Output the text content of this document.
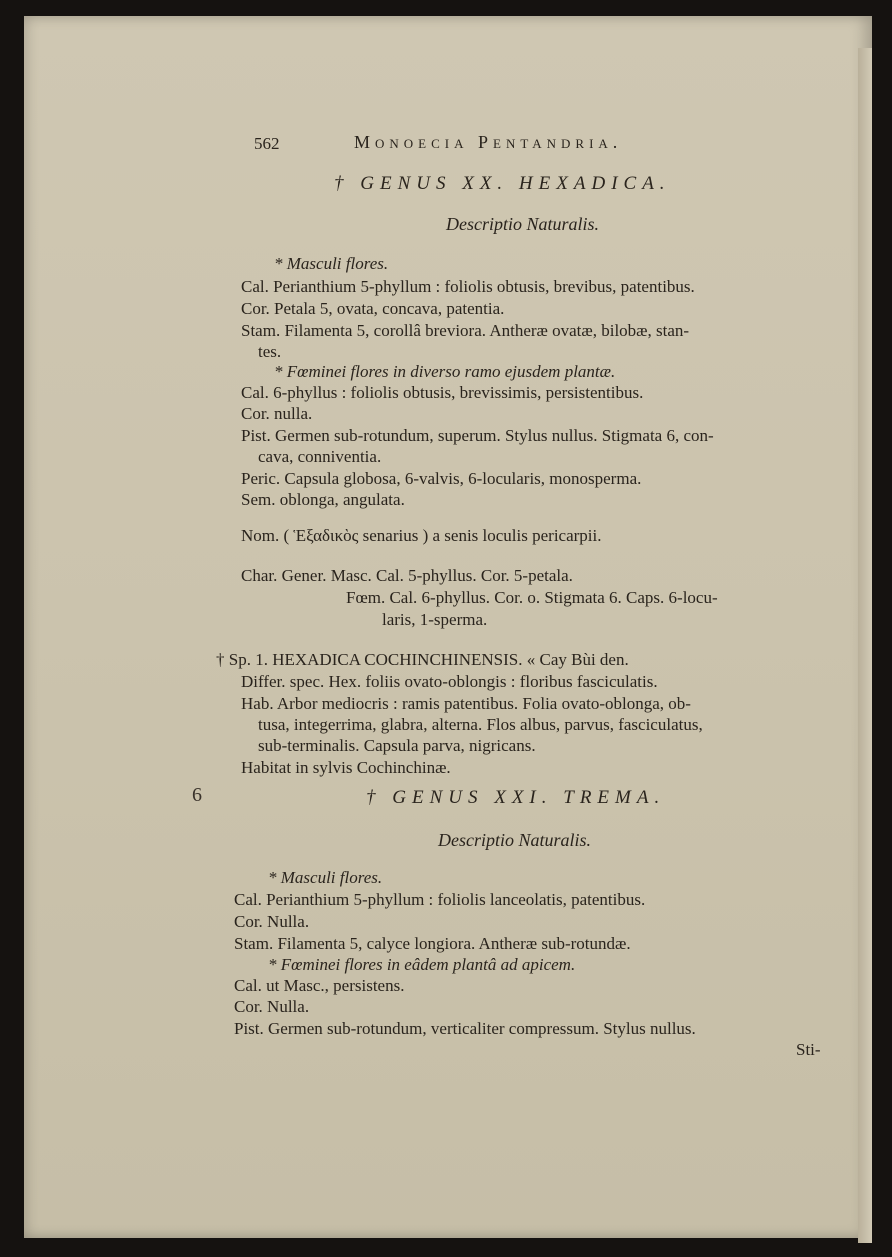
562	Monoecia Pentandria.
† GENUS XX. HEXADICA.
Descriptio Naturalis.
* Masculi flores.
Cal. Perianthium 5-phyllum : foliolis obtusis, brevibus, patentibus.
Cor. Petala 5, ovata, concava, patentia.
Stam. Filamenta 5, corollâ breviora. Antheræ ovatæ, bilobæ, stan-
tes.
* Fœminei flores in diverso ramo ejusdem plantæ.
Cal. 6-phyllus : foliolis obtusis, brevissimis, persistentibus.
Cor. nulla.
Pist. Germen sub-rotundum, superum. Stylus nullus. Stigmata 6, con-
cava, conniventia.
Peric. Capsula globosa, 6-valvis, 6-locularis, monosperma.
Sem. oblonga, angulata.
Nom. ( Ἑξαδικὸς senarius ) a senis loculis pericarpii.
Char. Gener. Masc. Cal. 5-phyllus. Cor. 5-petala.
Fœm. Cal. 6-phyllus. Cor. o. Stigmata 6. Caps. 6-locu-
laris, 1-sperma.
† Sp. 1. HEXADICA COCHINCHINENSIS. « Cay Bùi den.
Differ. spec. Hex. foliis ovato-oblongis : floribus fasciculatis.
Hab. Arbor mediocris : ramis patentibus. Folia ovato-oblonga, ob-
tusa, integerrima, glabra, alterna. Flos albus, parvus, fasciculatus,
sub-terminalis. Capsula parva, nigricans.
Habitat in sylvis Cochinchinæ.
6	† GENUS XXI. TREMA.
Descriptio Naturalis.
* Masculi flores.
Cal. Perianthium 5-phyllum : foliolis lanceolatis, patentibus.
Cor. Nulla.
Stam. Filamenta 5, calyce longiora. Antheræ sub-rotundæ.
* Fœminei flores in eâdem plantâ ad apicem.
Cal. ut Masc., persistens.
Cor. Nulla.
Pist. Germen sub-rotundum, verticaliter compressum. Stylus nullus.
Sti-
